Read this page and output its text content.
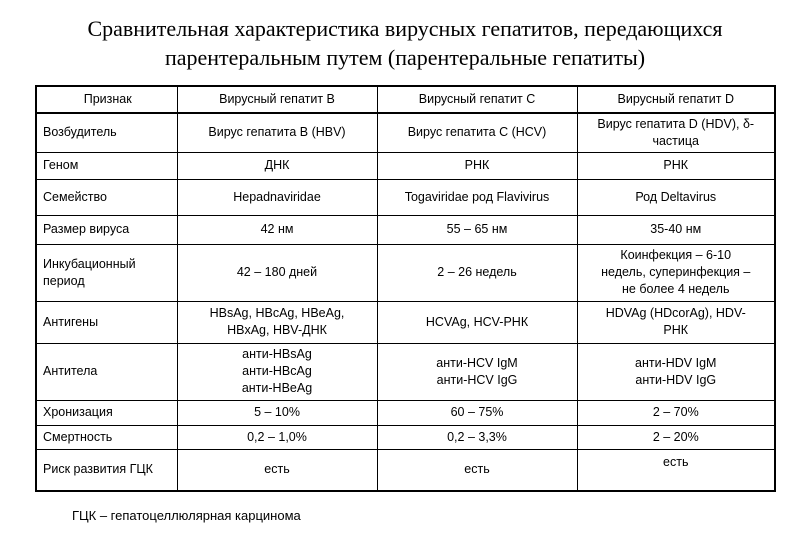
Сравнительная характеристика вирусных гепатитов, передающихся
парентеральным путем (парентеральные гепатиты)
Признак	Вирусный гепатит В	Вирусный гепатит С	Вирусный гепатит D
Возбудитель	Вирус гепатита В (HBV)	Вирус гепатита С (HCV)	Вирус гепатита D (HDV), δ-
частица
Геном	ДНК	РНК	РНК
Семейство	Hepadnaviridae	Togaviridae род Flavivirus	Род Deltavirus
Размер вируса	42 нм	55 – 65 нм	35-40 нм
Инкубационный
период	42 – 180 дней	2 – 26 недель	Коинфекция – 6-10
недель, суперинфекция –
не более 4 недель
Антигены	HBsAg, HBcAg, HBeAg,
HBxAg, HBV-ДНК	HCVAg, HCV-РНК	HDVAg (HDcorAg), HDV-
РНК
Антитела	анти-HBsAg
анти-HBcAg
анти-HBeAg	анти-HCV IgM
анти-HCV IgG	анти-HDV IgM
анти-HDV IgG
Хронизация	5 – 10%	60 – 75%	2 – 70%
Смертность	0,2 – 1,0%	0,2 – 3,3%	2 – 20%
Риск развития ГЦК	есть	есть	есть
ГЦК – гепатоцеллюлярная карцинома
